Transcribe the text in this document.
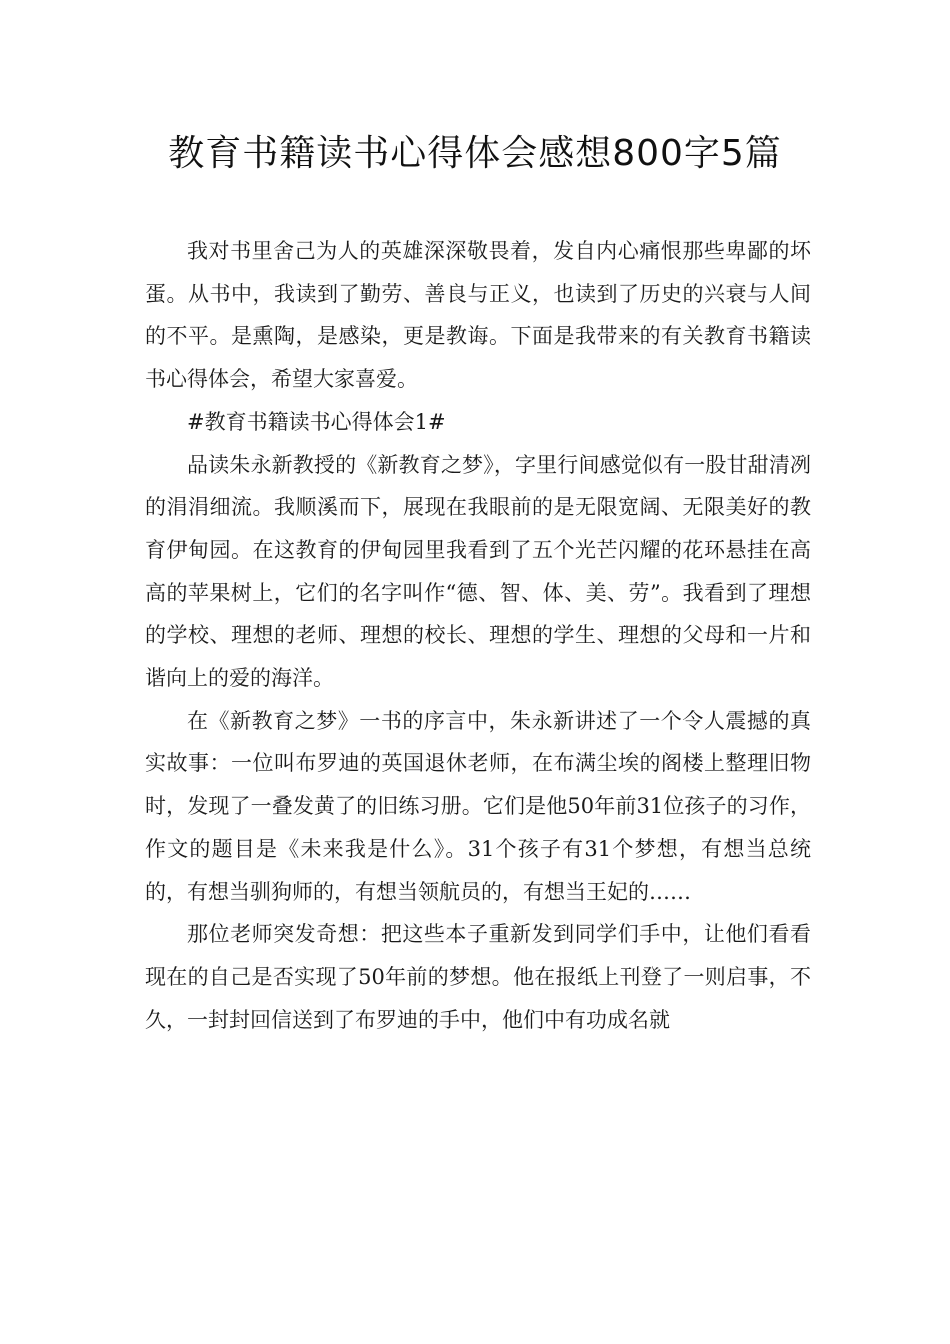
教育书籍读书心得体会感想800字5篇

我对书里舍己为人的英雄深深敬畏着，发自内心痛恨那些卑鄙的坏蛋。从书中，我读到了勤劳、善良与正义，也读到了历史的兴衰与人间的不平。是熏陶，是感染，更是教诲。下面是我带来的有关教育书籍读书心得体会，希望大家喜爱。

#教育书籍读书心得体会1#

品读朱永新教授的《新教育之梦》，字里行间感觉似有一股甘甜清冽的涓涓细流。我顺溪而下，展现在我眼前的是无限宽阔、无限美好的教育伊甸园。在这教育的伊甸园里我看到了五个光芒闪耀的花环悬挂在高高的苹果树上，它们的名字叫作“德、智、体、美、劳”。我看到了理想的学校、理想的老师、理想的校长、理想的学生、理想的父母和一片和谐向上的爱的海洋。

在《新教育之梦》一书的序言中，朱永新讲述了一个令人震撼的真实故事：一位叫布罗迪的英国退休老师，在布满尘埃的阁楼上整理旧物时，发现了一叠发黄了的旧练习册。它们是他50年前31位孩子的习作，作文的题目是《未来我是什么》。31个孩子有31个梦想，有想当总统的，有想当驯狗师的，有想当领航员的，有想当王妃的……

那位老师突发奇想：把这些本子重新发到同学们手中，让他们看看现在的自己是否实现了50年前的梦想。他在报纸上刊登了一则启事，不久，一封封回信送到了布罗迪的手中，他们中有功成名就
